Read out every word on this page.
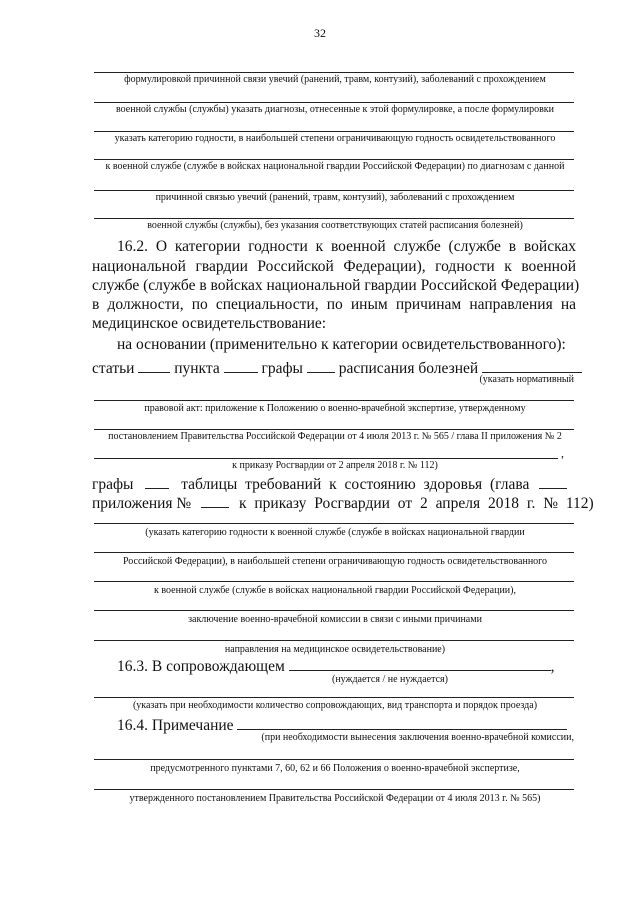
32
формулировкой причинной связи увечий (ранений, травм, контузий), заболеваний с прохождением
военной службы (службы) указать диагнозы, отнесенные к этой формулировке, а после формулировки
указать категорию годности, в наибольшей степени ограничивающую годность освидетельствованного
к военной службе (службе в войсках национальной гвардии Российской Федерации) по диагнозам с данной
причинной связью увечий (ранений, травм, контузий), заболеваний с прохождением
военной службы (службы), без указания соответствующих статей расписания болезней)
16.2. О категории годности к военной службе (службе в войсках
национальной гвардии Российской Федерации), годности к военной
службе (службе в войсках национальной гвардии Российской Федерации)
в должности, по специальности, по иным причинам направления на
медицинское освидетельствование:
на основании (применительно к категории освидетельствованного):
статьи	пункта	графы расписания болезней
(указать нормативный
правовой акт: приложение к Положению о военно-врачебной экспертизе, утвержденному
постановлением Правительства Российской Федерации от 4 июля 2013 г. № 565 / глава II приложения № 2
,
к приказу Росгвардии от 2 апреля 2018 г. № 112)
графы	таблицы требований к состоянию здоровья (глава
приложения №	к приказу Росгвардии от 2 апреля 2018 г. № 112)
(указать категорию годности к военной службе (службе в войсках национальной гвардии
Российской Федерации), в наибольшей степени ограничивающую годность освидетельствованного
к военной службе (службе в войсках национальной гвардии Российской Федерации),
заключение военно-врачебной комиссии в связи с иными причинами
направления на медицинское освидетельствование)
16.3. В сопровождающем	,
(нуждается / не нуждается)
(указать при необходимости количество сопровождающих, вид транспорта и порядок проезда)
16.4. Примечание
(при необходимости вынесения заключения военно-врачебной комиссии,
предусмотренного пунктами 7, 60, 62 и 66 Положения о военно-врачебной экспертизе,
утвержденного постановлением Правительства Российской Федерации от 4 июля 2013 г. № 565)
